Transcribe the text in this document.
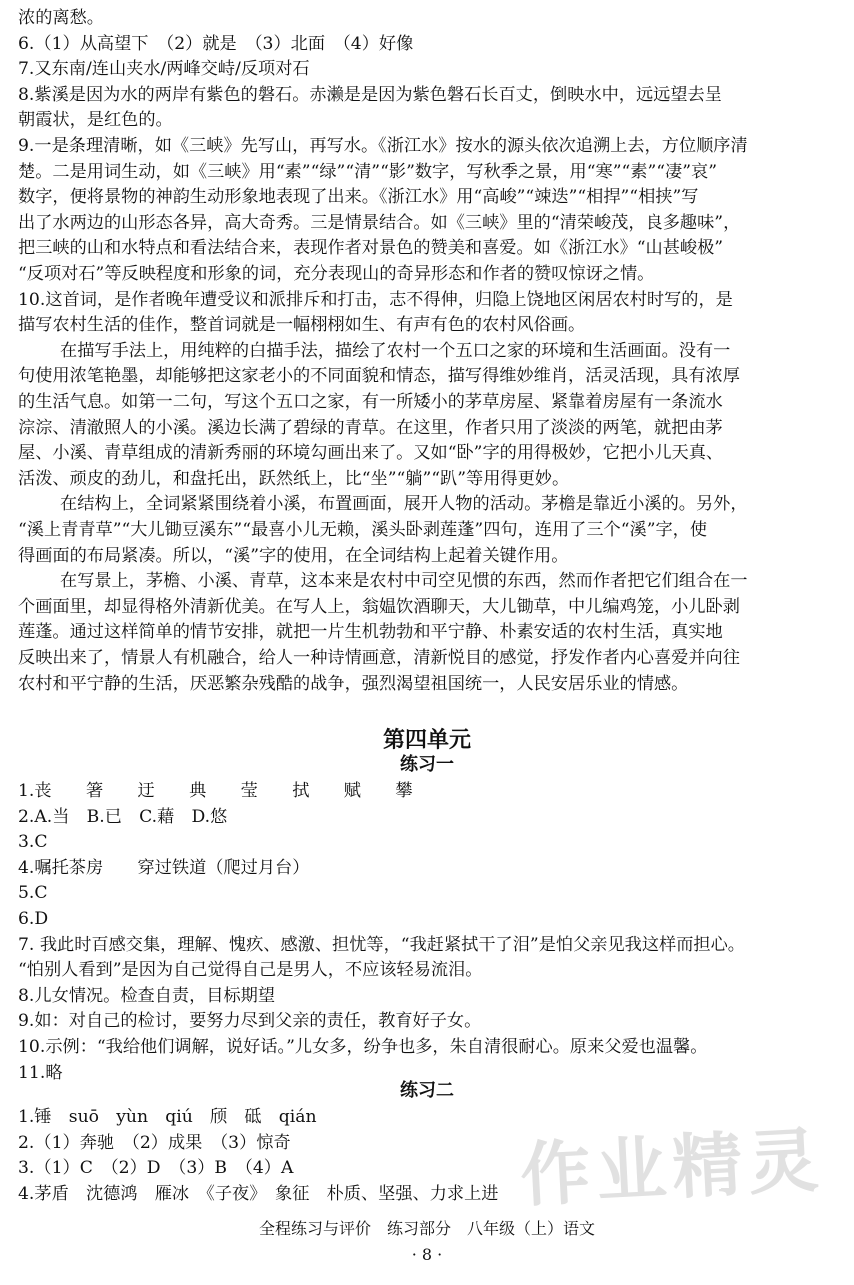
浓的离愁。
6.（1）从高望下　（2）就是　（3）北面　（4）好像
7.又东南/连山夹水/两峰交峙/反项对石
8.紫溪是因为水的两岸有紫色的磐石。赤濑是是因为紫色磐石长百丈，倒映水中，远远望去呈
朝霞状，是红色的。
9.一是条理清晰，如《三峡》先写山，再写水。《浙江水》按水的源头依次追溯上去，方位顺序清
楚。二是用词生动，如《三峡》用“素”“绿”“清”“影”数字，写秋季之景，用“寒”“素”“凄”哀”
数字，便将景物的神韵生动形象地表现了出来。《浙江水》用“高峻”“竦迭”“相捍”“相挟”写
出了水两边的山形态各异，高大奇秀。三是情景结合。如《三峡》里的“清荣峻茂，良多趣味”，
把三峡的山和水特点和看法结合来，表现作者对景色的赞美和喜爱。如《浙江水》“山甚峻极”
“反项对石”等反映程度和形象的词，充分表现山的奇异形态和作者的赞叹惊讶之情。
10.这首词，是作者晚年遭受议和派排斥和打击，志不得伸，归隐上饶地区闲居农村时写的，是
描写农村生活的佳作，整首词就是一幅栩栩如生、有声有色的农村风俗画。
在描写手法上，用纯粹的白描手法，描绘了农村一个五口之家的环境和生活画面。没有一
句使用浓笔艳墨，却能够把这家老小的不同面貌和情态，描写得维妙维肖，活灵活现，具有浓厚
的生活气息。如第一二句，写这个五口之家，有一所矮小的茅草房屋、紧靠着房屋有一条流水
淙淙、清澈照人的小溪。溪边长满了碧绿的青草。在这里，作者只用了淡淡的两笔，就把由茅
屋、小溪、青草组成的清新秀丽的环境勾画出来了。又如“卧”字的用得极妙，它把小儿天真、
活泼、顽皮的劲儿，和盘托出，跃然纸上，比“坐”“躺”“趴”等用得更妙。
在结构上，全词紧紧围绕着小溪，布置画面，展开人物的活动。茅檐是靠近小溪的。另外，
“溪上青青草”“大儿锄豆溪东”“最喜小儿无赖，溪头卧剥莲蓬”四句，连用了三个“溪”字，使
得画面的布局紧凑。所以，“溪”字的使用，在全词结构上起着关键作用。
在写景上，茅檐、小溪、青草，这本来是农村中司空见惯的东西，然而作者把它们组合在一
个画面里，却显得格外清新优美。在写人上，翁媪饮酒聊天，大儿锄草，中儿编鸡笼，小儿卧剥
莲蓬。通过这样简单的情节安排，就把一片生机勃勃和平宁静、朴素安适的农村生活，真实地
反映出来了，情景人有机融合，给人一种诗情画意，清新悦目的感觉，抒发作者内心喜爱并向往
农村和平宁静的生活，厌恶繁杂残酷的战争，强烈渴望祖国统一，人民安居乐业的情感。
第四单元
练习一
1.丧　　箸　　迂　　典　　莹　　拭　　赋　　攀
2.A.当　B.已　C.藉　D.悠
3.C
4.嘱托茶房　　穿过铁道（爬过月台）
5.C
6.D
7. 我此时百感交集，理解、愧疚、感激、担忧等，“我赶紧拭干了泪”是怕父亲见我这样而担心。
“怕别人看到”是因为自己觉得自己是男人，不应该轻易流泪。
8.儿女情况。检查自责，目标期望
9.如：对自己的检讨，要努力尽到父亲的责任，教育好子女。
10.示例：“我给他们调解，说好话。”儿女多，纷争也多，朱自清很耐心。原来父爱也温馨。
11.略
练习二
1.锤　suō　yùn　qiú　颀　砥　qián
2.（1）奔驰　（2）成果　（3）惊奇
3.（1）C　（2）D　（3）B　（4）A
4.茅盾　沈德鸿　雁冰　《子夜》　象征　朴质、坚强、力求上进 作业精灵
全程练习与评价　练习部分　八年级（上）语文
· 8 ·
